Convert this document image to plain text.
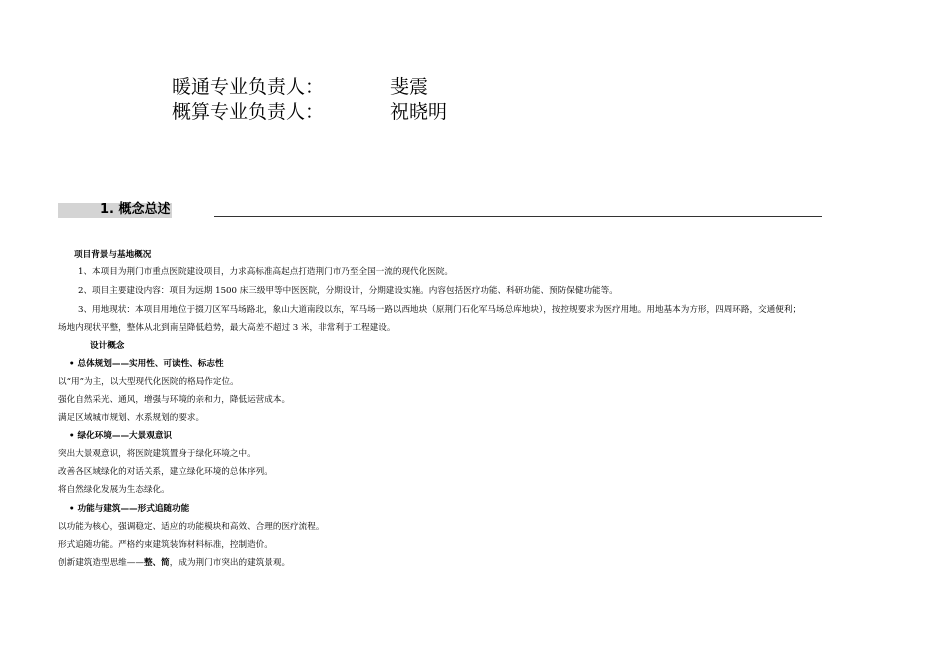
暖通专业负责人：	斐震
概算专业负责人：	祝晓明
1. 概念总述
项目背景与基地概况
1、本项目为荆门市重点医院建设项目，力求高标准高起点打造荆门市乃至全国一流的现代化医院。
2、项目主要建设内容：项目为远期 1500 床三级甲等中医医院，分期设计，分期建设实施。内容包括医疗功能、科研功能、预防保健功能等。
3、用地现状：本项目用地位于掇刀区军马场路北，象山大道南段以东，军马场一路以西地块（原荆门石化军马场总库地块），按控规要求为医疗用地。用地基本为方形，四周环路，交通便利；
场地内现状平整，整体从北到南呈降低趋势，最大高差不超过 3 米，非常利于工程建设。
设计概念
• 总体规划——实用性、可读性、标志性
以“用”为主，以大型现代化医院的格局作定位。
强化自然采光、通风，增强与环境的亲和力，降低运营成本。
满足区域城市规划、水系规划的要求。
• 绿化环境——大景观意识
突出大景观意识，将医院建筑置身于绿化环境之中。
改善各区域绿化的对话关系，建立绿化环境的总体序列。
将自然绿化发展为生态绿化。
• 功能与建筑——形式追随功能
以功能为核心，强调稳定、适应的功能模块和高效、合理的医疗流程。
形式追随功能。严格约束建筑装饰材料标准，控制造价。
创新建筑造型思维——整、简，成为荆门市突出的建筑景观。
